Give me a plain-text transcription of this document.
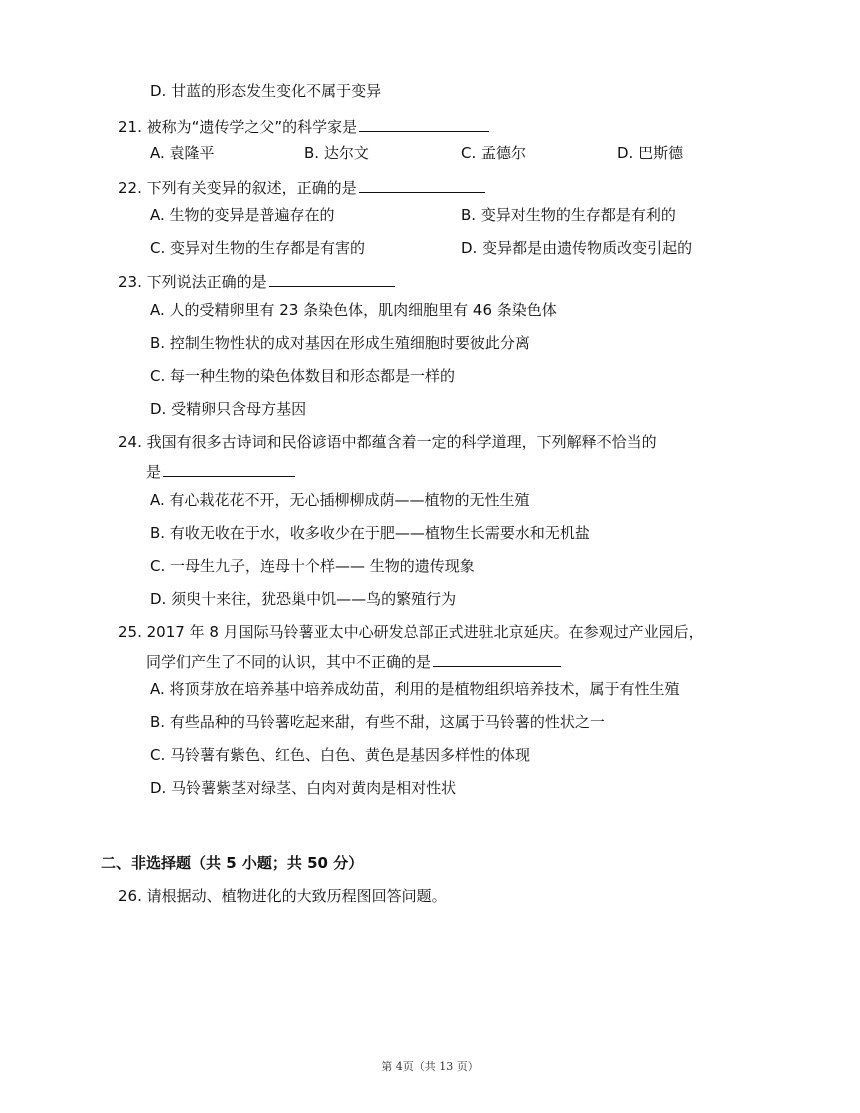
D. 甘蓝的形态发生变化不属于变异
21. 被称为“遗传学之父”的科学家是
A. 袁隆平	B. 达尔文	C. 孟德尔	D. 巴斯德
22. 下列有关变异的叙述，正确的是
A. 生物的变异是普遍存在的	B. 变异对生物的生存都是有利的
C. 变异对生物的生存都是有害的	D. 变异都是由遗传物质改变引起的
23. 下列说法正确的是
A. 人的受精卵里有 23 条染色体，肌肉细胞里有 46 条染色体
B. 控制生物性状的成对基因在形成生殖细胞时要彼此分离
C. 每一种生物的染色体数目和形态都是一样的
D. 受精卵只含母方基因
24. 我国有很多古诗词和民俗谚语中都蕴含着一定的科学道理，下列解释不恰当的
是
A. 有心栽花花不开，无心插柳柳成荫——植物的无性生殖
B. 有收无收在于水，收多收少在于肥——植物生长需要水和无机盐
C. 一母生九子，连母十个样—— 生物的遗传现象
D. 须臾十来往，犹恐巢中饥——鸟的繁殖行为
25. 2017 年 8 月国际马铃薯亚太中心研发总部正式进驻北京延庆。在参观过产业园后，
同学们产生了不同的认识，其中不正确的是
A. 将顶芽放在培养基中培养成幼苗，利用的是植物组织培养技术，属于有性生殖
B. 有些品种的马铃薯吃起来甜，有些不甜，这属于马铃薯的性状之一
C. 马铃薯有紫色、红色、白色、黄色是基因多样性的体现
D. 马铃薯紫茎对绿茎、白肉对黄肉是相对性状
二、非选择题（共 5 小题；共 50 分）
26. 请根据动、植物进化的大致历程图回答问题。
第 4页（共 13 页）
